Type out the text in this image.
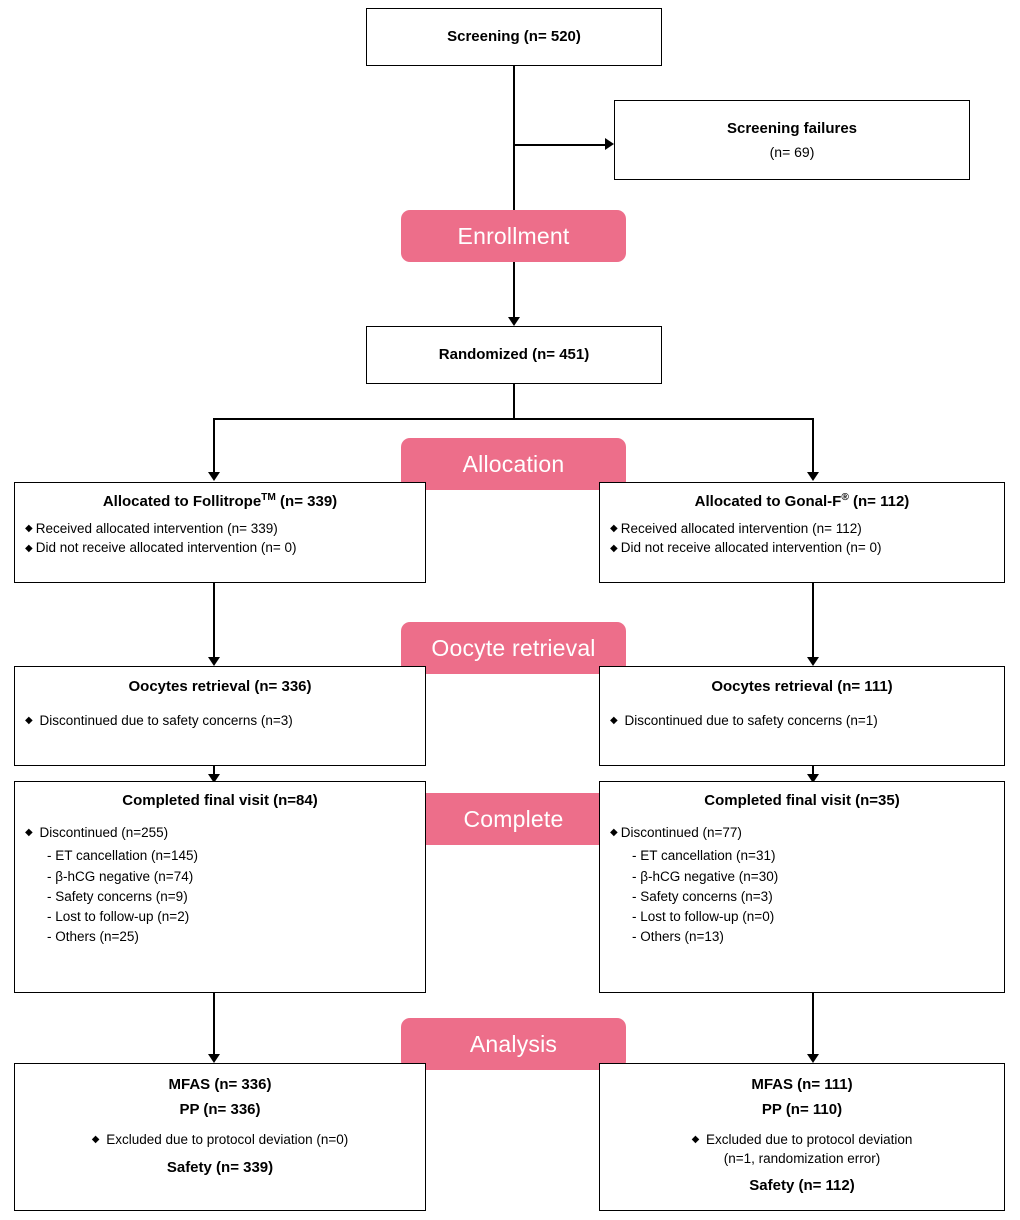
Screening (n= 520)
Screening failures
(n= 69)
Enrollment
Randomized (n= 451)
Allocation
Allocated to Follitrope™ (n= 339)
◆ Received allocated intervention (n= 339)
◆ Did not receive allocated intervention (n= 0)
Allocated to Gonal-F® (n= 112)
◆ Received allocated intervention (n= 112)
◆ Did not receive allocated intervention (n= 0)
Oocyte retrieval
Oocytes retrieval (n= 336)
◆ Discontinued due to safety concerns (n=3)
Oocytes retrieval (n= 111)
◆ Discontinued due to safety concerns (n=1)
Complete
Completed final visit (n=84)
◆ Discontinued (n=255)
- ET cancellation (n=145)
- β-hCG negative (n=74)
- Safety concerns (n=9)
- Lost to follow-up (n=2)
- Others (n=25)
Completed final visit (n=35)
◆ Discontinued (n=77)
- ET cancellation (n=31)
- β-hCG negative (n=30)
- Safety concerns (n=3)
- Lost to follow-up (n=0)
- Others (n=13)
Analysis
MFAS (n= 336)
PP (n= 336)
◆ Excluded due to protocol deviation (n=0)
Safety (n= 339)
MFAS (n= 111)
PP (n= 110)
◆ Excluded due to protocol deviation
(n=1, randomization error)
Safety (n= 112)
